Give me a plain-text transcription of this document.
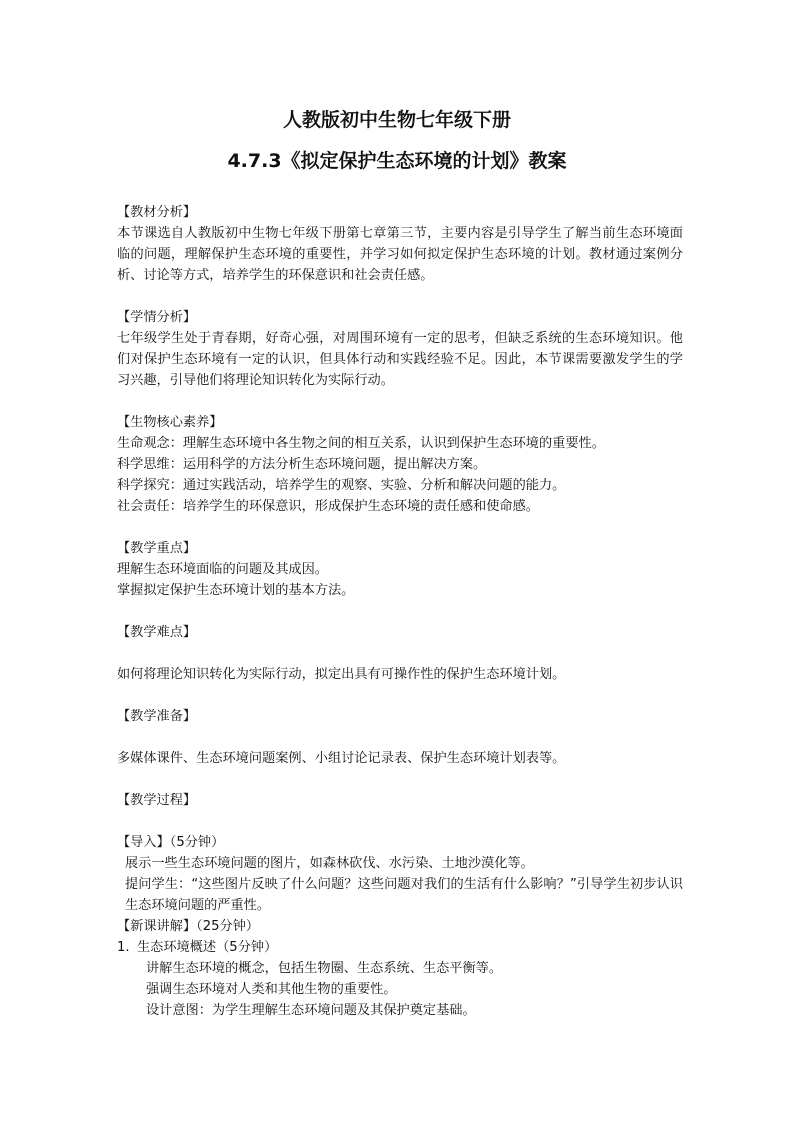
人教版初中生物七年级下册
4.7.3《拟定保护生态环境的计划》教案

【教材分析】

本节课选自人教版初中生物七年级下册第七章第三节，主要内容是引导学生了解当前生态环境面临的问题，理解保护生态环境的重要性，并学习如何拟定保护生态环境的计划。教材通过案例分析、讨论等方式，培养学生的环保意识和社会责任感。

【学情分析】

七年级学生处于青春期，好奇心强，对周围环境有一定的思考，但缺乏系统的生态环境知识。他们对保护生态环境有一定的认识，但具体行动和实践经验不足。因此，本节课需要激发学生的学习兴趣，引导他们将理论知识转化为实际行动。

【生物核心素养】

生命观念：理解生态环境中各生物之间的相互关系，认识到保护生态环境的重要性。

科学思维：运用科学的方法分析生态环境问题，提出解决方案。

科学探究：通过实践活动，培养学生的观察、实验、分析和解决问题的能力。

社会责任：培养学生的环保意识，形成保护生态环境的责任感和使命感。

【教学重点】

理解生态环境面临的问题及其成因。

掌握拟定保护生态环境计划的基本方法。

【教学难点】

如何将理论知识转化为实际行动，拟定出具有可操作性的保护生态环境计划。

【教学准备】

多媒体课件、生态环境问题案例、小组讨论记录表、保护生态环境计划表等。

【教学过程】

【导入】（5分钟）

展示一些生态环境问题的图片，如森林砍伐、水污染、土地沙漠化等。

提问学生：“这些图片反映了什么问题？这些问题对我们的生活有什么影响？”引导学生初步认识生态环境问题的严重性。

【新课讲解】（25分钟）

1. 生态环境概述（5分钟）

讲解生态环境的概念，包括生物圈、生态系统、生态平衡等。

强调生态环境对人类和其他生物的重要性。

设计意图：为学生理解生态环境问题及其保护奠定基础。
